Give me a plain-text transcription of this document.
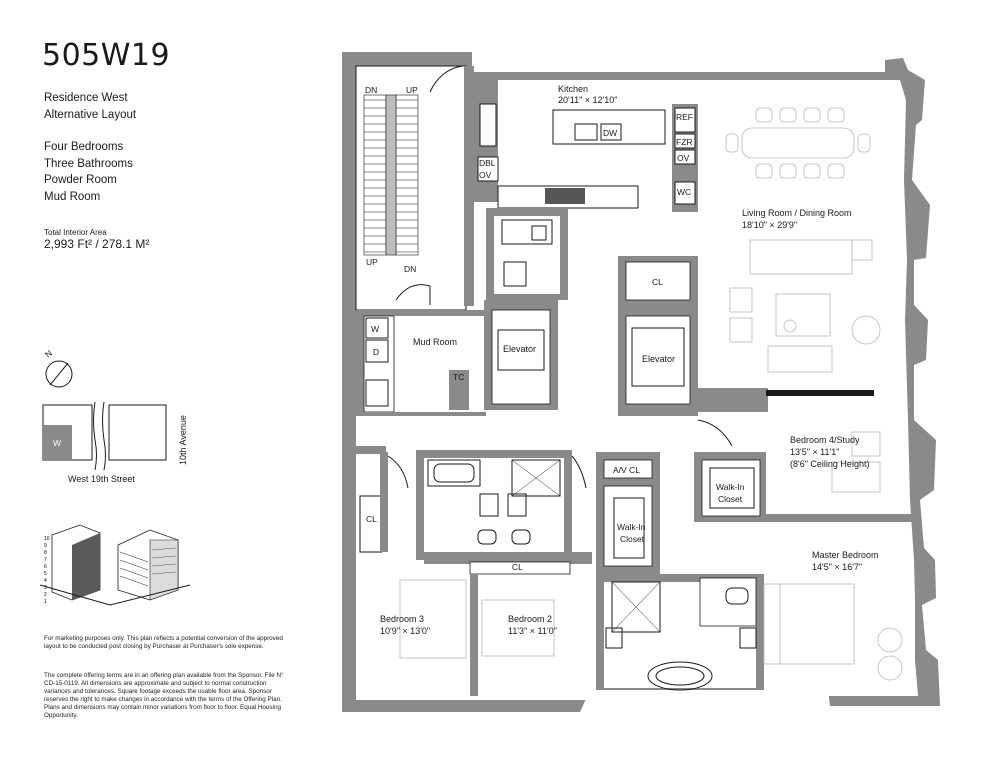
505W19
Residence West
Alternative Layout
Four Bedrooms
Three Bathrooms
Powder Room
Mud Room
Total Interior Area
2,993 Ft² / 278.1 M²
For marketing purposes only. This plan reflects a potential conversion of the approved layout to be conducted post closing by Purchaser at Purchaser's sole expense.
The complete offering terms are in an offering plan available from the Sponsor. File N° CD-15-0119. All dimensions are approximate and subject to normal construction variances and tolerances. Square footage exceeds the usable floor area. Sponsor reserves the right to make changes in accordance with the terms of the Offering Plan. Plans and dimensions may contain minor variations from floor to floor. Equal Housing Opportunity.
N
W
West 19th Street
10th Avenue
10
9
8
7
6
5
4
3
2
1
DN	UP
UP
DN
DBL
OV
DW
REF
FZR
OV
WC
Kitchen
20'11" × 12'10"
W
D
Mud Room
TC
Elevator
CL
Elevator
CL
CL
Bedroom 3
10'9" × 13'0"
Bedroom 2
11'3" × 11'0"
A/V CL
Walk-In
Closet
Walk-In
Closet
Living Room / Dining Room
18'10" × 29'9"
Bedroom 4/Study
13'5" × 11'1"
(8'6" Ceiling Height)
Master Bedroom
14'5" × 16'7"
